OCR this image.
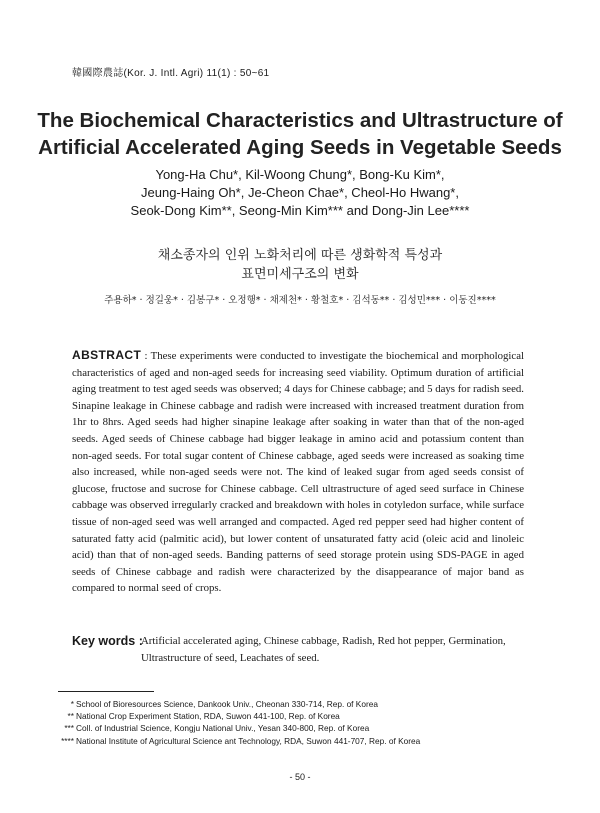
韓國際農誌(Kor. J. Intl. Agri) 11(1) : 50~61
The Biochemical Characteristics and Ultrastructure of
Artificial Accelerated Aging Seeds in Vegetable Seeds
Yong-Ha Chu*, Kil-Woong Chung*, Bong-Ku Kim*,
Jeung-Haing Oh*, Je-Cheon Chae*, Cheol-Ho Hwang*,
Seok-Dong Kim**, Seong-Min Kim*** and Dong-Jin Lee****
채소종자의 인위 노화처리에 따른 생화학적 특성과
표면미세구조의 변화
주용하* · 정길웅* · 김봉구* · 오정행* · 채제천* · 황철호* · 김석동** · 김성민*** · 이동진****

ABSTRACT : These experiments were conducted to investigate the biochemical and morphological characteristics of aged and non-aged seeds for increasing seed viability. Optimum duration of artificial aging treatment to test aged seeds was observed; 4 days for Chinese cabbage; and 5 days for radish seed. Sinapine leakage in Chinese cabbage and radish were increased with increased treatment duration from 1hr to 8hrs. Aged seeds had higher sinapine leakage after soaking in water than that of the non-aged seeds. Aged seeds of Chinese cabbage had bigger leakage in amino acid and potassium content than non-aged seeds. For total sugar content of Chinese cabbage, aged seeds were increased as soaking time also increased, while non-aged seeds were not. The kind of leaked sugar from aged seeds consist of glucose, fructose and sucrose for Chinese cabbage. Cell ultrastructure of aged seed surface in Chinese cabbage was observed irregularly cracked and breakdown with holes in cotyledon surface, while surface tissue of non-aged seed was well arranged and compacted. Aged red pepper seed had higher content of saturated fatty acid (palmitic acid), but lower content of unsaturated fatty acid (oleic acid and linoleic acid) than that of non-aged seeds. Banding patterns of seed storage protein using SDS-PAGE in aged seeds of Chinese cabbage and radish were characterized by the disappearance of major band as compared to normal seed of crops.

Key words :

Artificial accelerated aging, Chinese cabbage, Radish, Red hot pepper, Germination, Ultrastructure of seed, Leachates of seed.

* School of Bioresources Science, Dankook Univ., Cheonan 330-714, Rep. of Korea
** National Crop Experiment Station, RDA, Suwon 441-100, Rep. of Korea
*** Coll. of Industrial Science, Kongju National Univ., Yesan 340-800, Rep. of Korea
**** National Institute of Agricultural Science ant Technology, RDA, Suwon 441-707, Rep. of Korea
- 50 -
